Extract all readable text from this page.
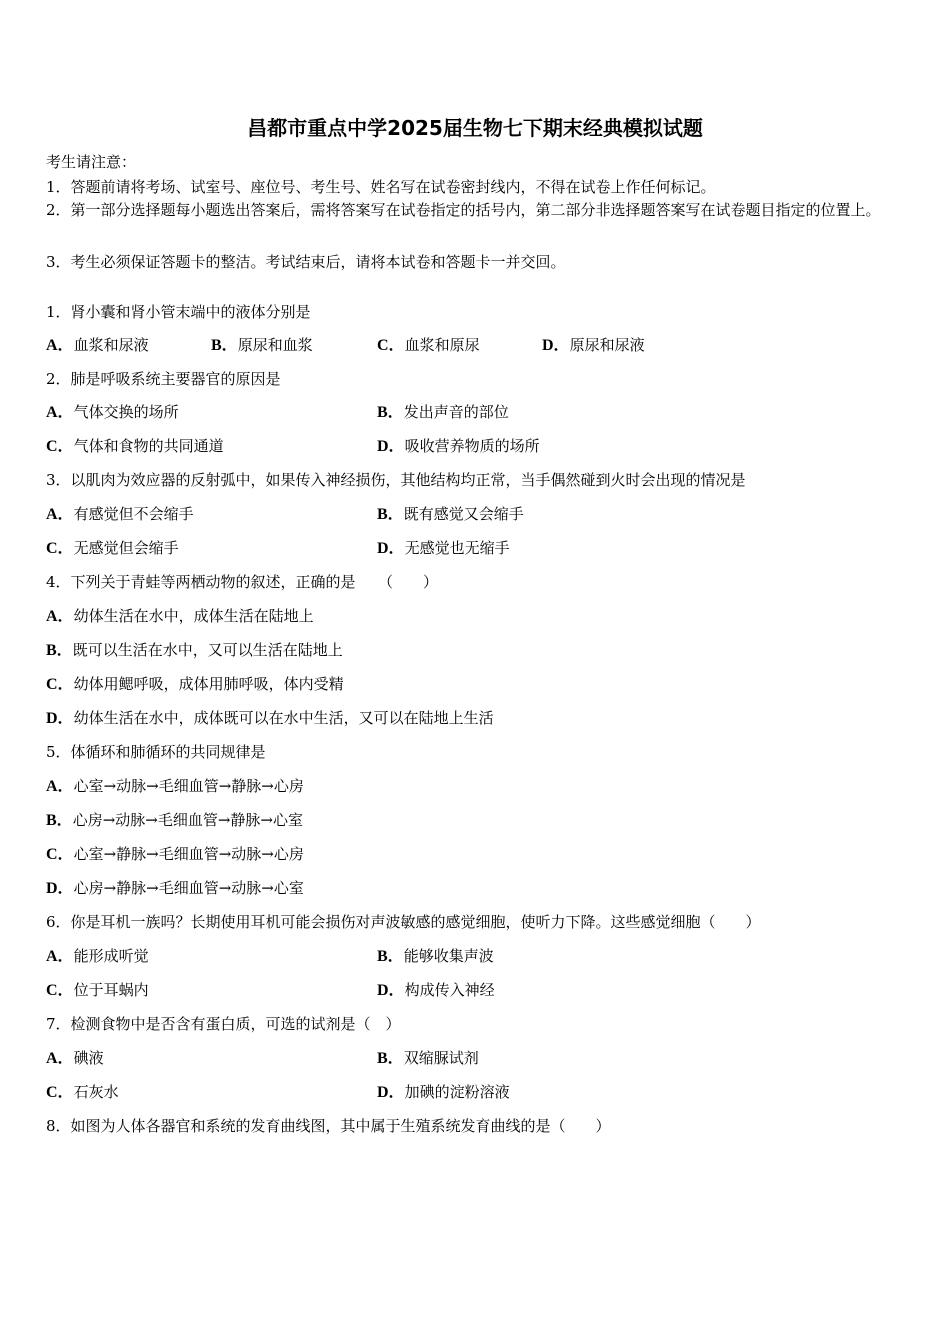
昌都市重点中学2025届生物七下期末经典模拟试题
考生请注意：
1．答题前请将考场、试室号、座位号、考生号、姓名写在试卷密封线内，不得在试卷上作任何标记。
2．第一部分选择题每小题选出答案后，需将答案写在试卷指定的括号内，第二部分非选择题答案写在试卷题目指定的位置上。
3．考生必须保证答题卡的整洁。考试结束后，请将本试卷和答题卡一并交回。
1．肾小囊和肾小管末端中的液体分别是
A．血浆和尿液	B．原尿和血浆	C．血浆和原尿	D．原尿和尿液
2．肺是呼吸系统主要器官的原因是
A．气体交换的场所	B．发出声音的部位
C．气体和食物的共同通道	D．吸收营养物质的场所
3．以肌肉为效应器的反射弧中，如果传入神经损伤，其他结构均正常，当手偶然碰到火时会出现的情况是
A．有感觉但不会缩手	B．既有感觉又会缩手
C．无感觉但会缩手	D．无感觉也无缩手
4．下列关于青蛙等两栖动物的叙述，正确的是　　（　　）
A．幼体生活在水中，成体生活在陆地上
B．既可以生活在水中，又可以生活在陆地上
C．幼体用鳃呼吸，成体用肺呼吸，体内受精
D．幼体生活在水中，成体既可以在水中生活，又可以在陆地上生活
5．体循环和肺循环的共同规律是
A．心室→动脉→毛细血管→静脉→心房
B．心房→动脉→毛细血管→静脉→心室
C．心室→静脉→毛细血管→动脉→心房
D．心房→静脉→毛细血管→动脉→心室
6．你是耳机一族吗？长期使用耳机可能会损伤对声波敏感的感觉细胞，使听力下降。这些感觉细胞（　　）
A．能形成听觉	B．能够收集声波
C．位于耳蜗内	D．构成传入神经
7．检测食物中是否含有蛋白质，可选的试剂是（　）
A．碘液	B．双缩脲试剂
C．石灰水	D．加碘的淀粉溶液
8．如图为人体各器官和系统的发育曲线图，其中属于生殖系统发育曲线的是（　　）
